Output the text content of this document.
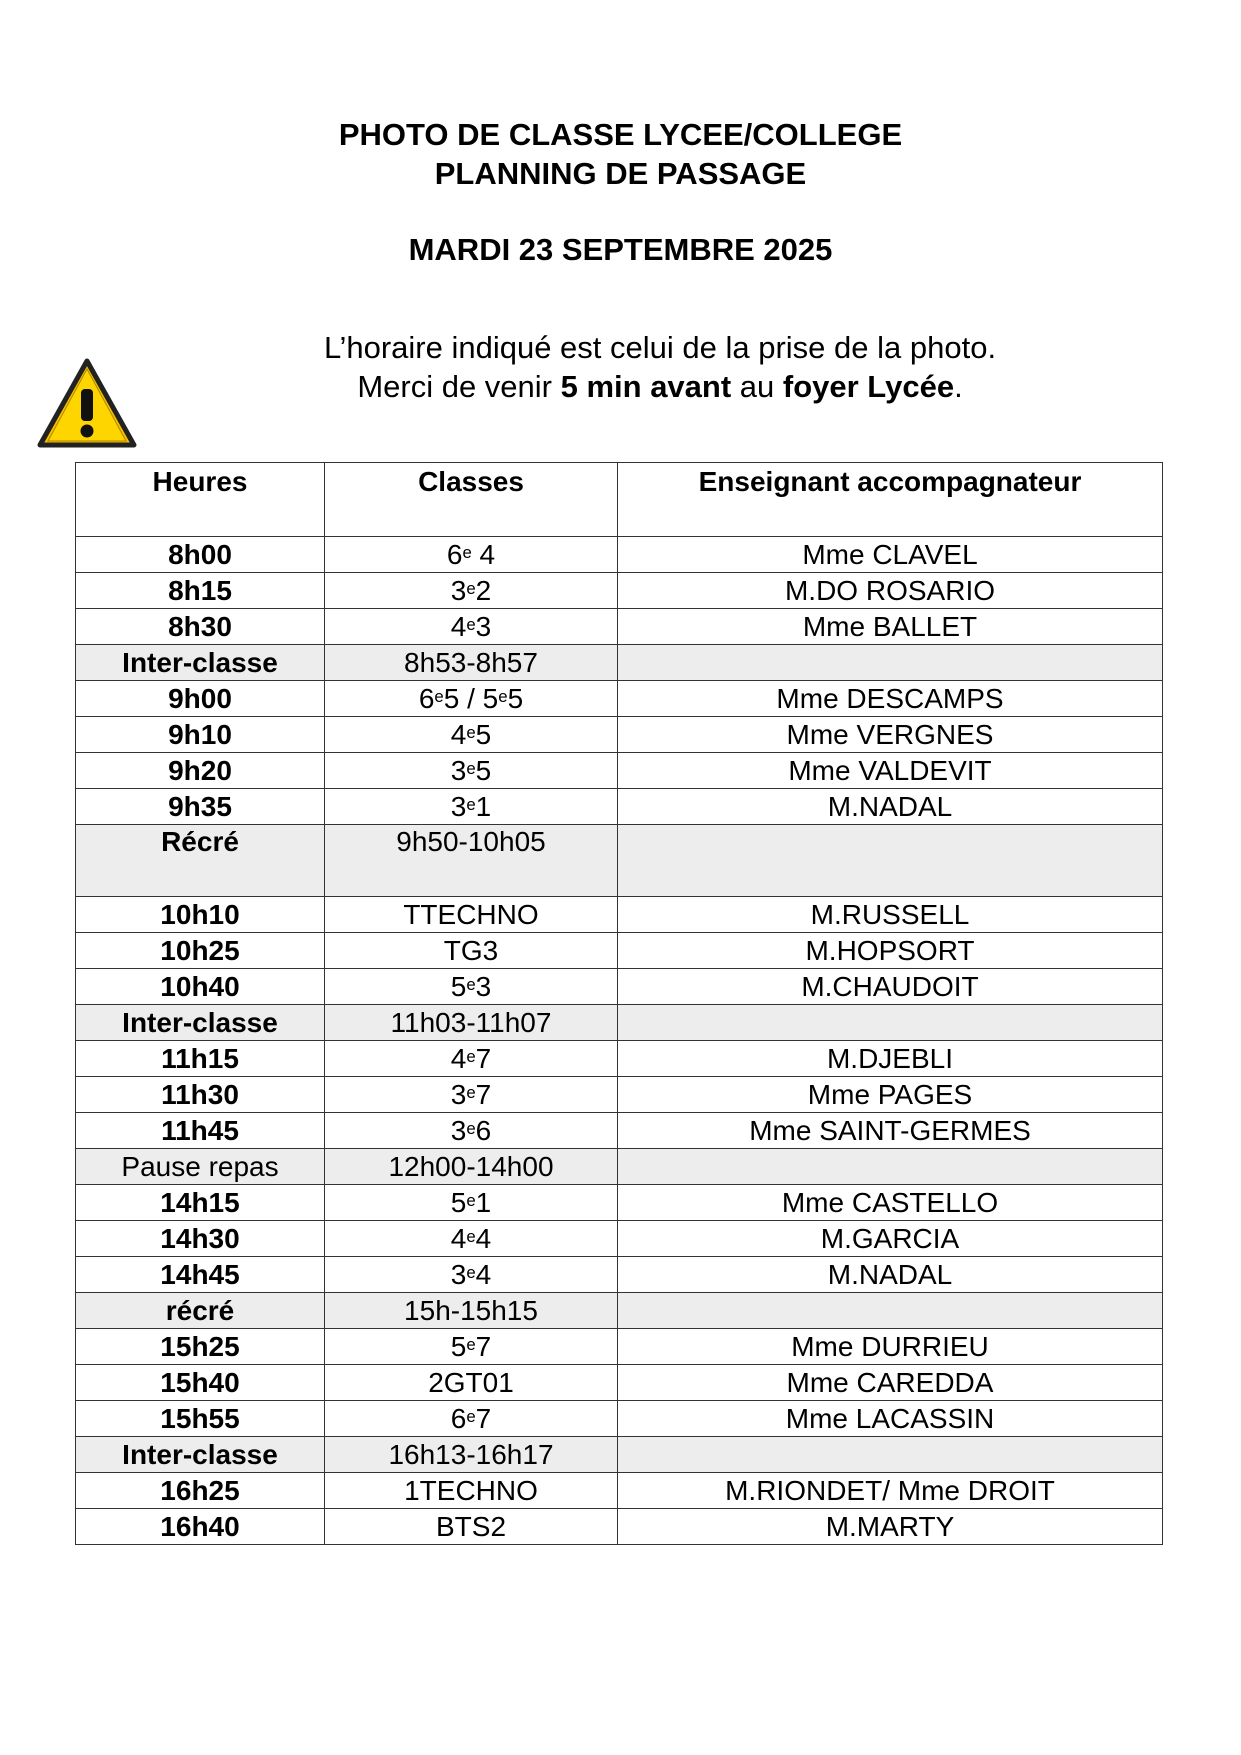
PHOTO DE CLASSE LYCEE/COLLEGE
PLANNING DE PASSAGE
MARDI 23 SEPTEMBRE 2025
L’horaire indiqué est celui de la prise de la photo.
Merci de venir 5 min avant au foyer Lycée.
Heures	Classes	Enseignant accompagnateur
8h00	6e 4	Mme CLAVEL
8h15	3e2	M.DO ROSARIO
8h30	4e3	Mme BALLET
Inter-classe	8h53-8h57	
9h00	6e5 / 5e5	Mme DESCAMPS
9h10	4e5	Mme VERGNES
9h20	3e5	Mme VALDEVIT
9h35	3e1	M.NADAL
Récré	9h50-10h05	
10h10	TTECHNO	M.RUSSELL
10h25	TG3	M.HOPSORT
10h40	5e3	M.CHAUDOIT
Inter-classe	11h03-11h07	
11h15	4e7	M.DJEBLI
11h30	3e7	Mme PAGES
11h45	3e6	Mme SAINT-GERMES
Pause repas	12h00-14h00	
14h15	5e1	Mme CASTELLO
14h30	4e4	M.GARCIA
14h45	3e4	M.NADAL
récré	15h-15h15	
15h25	5e7	Mme DURRIEU
15h40	2GT01	Mme CAREDDA
15h55	6e7	Mme LACASSIN
Inter-classe	16h13-16h17	
16h25	1TECHNO	M.RIONDET/ Mme DROIT
16h40	BTS2	M.MARTY
